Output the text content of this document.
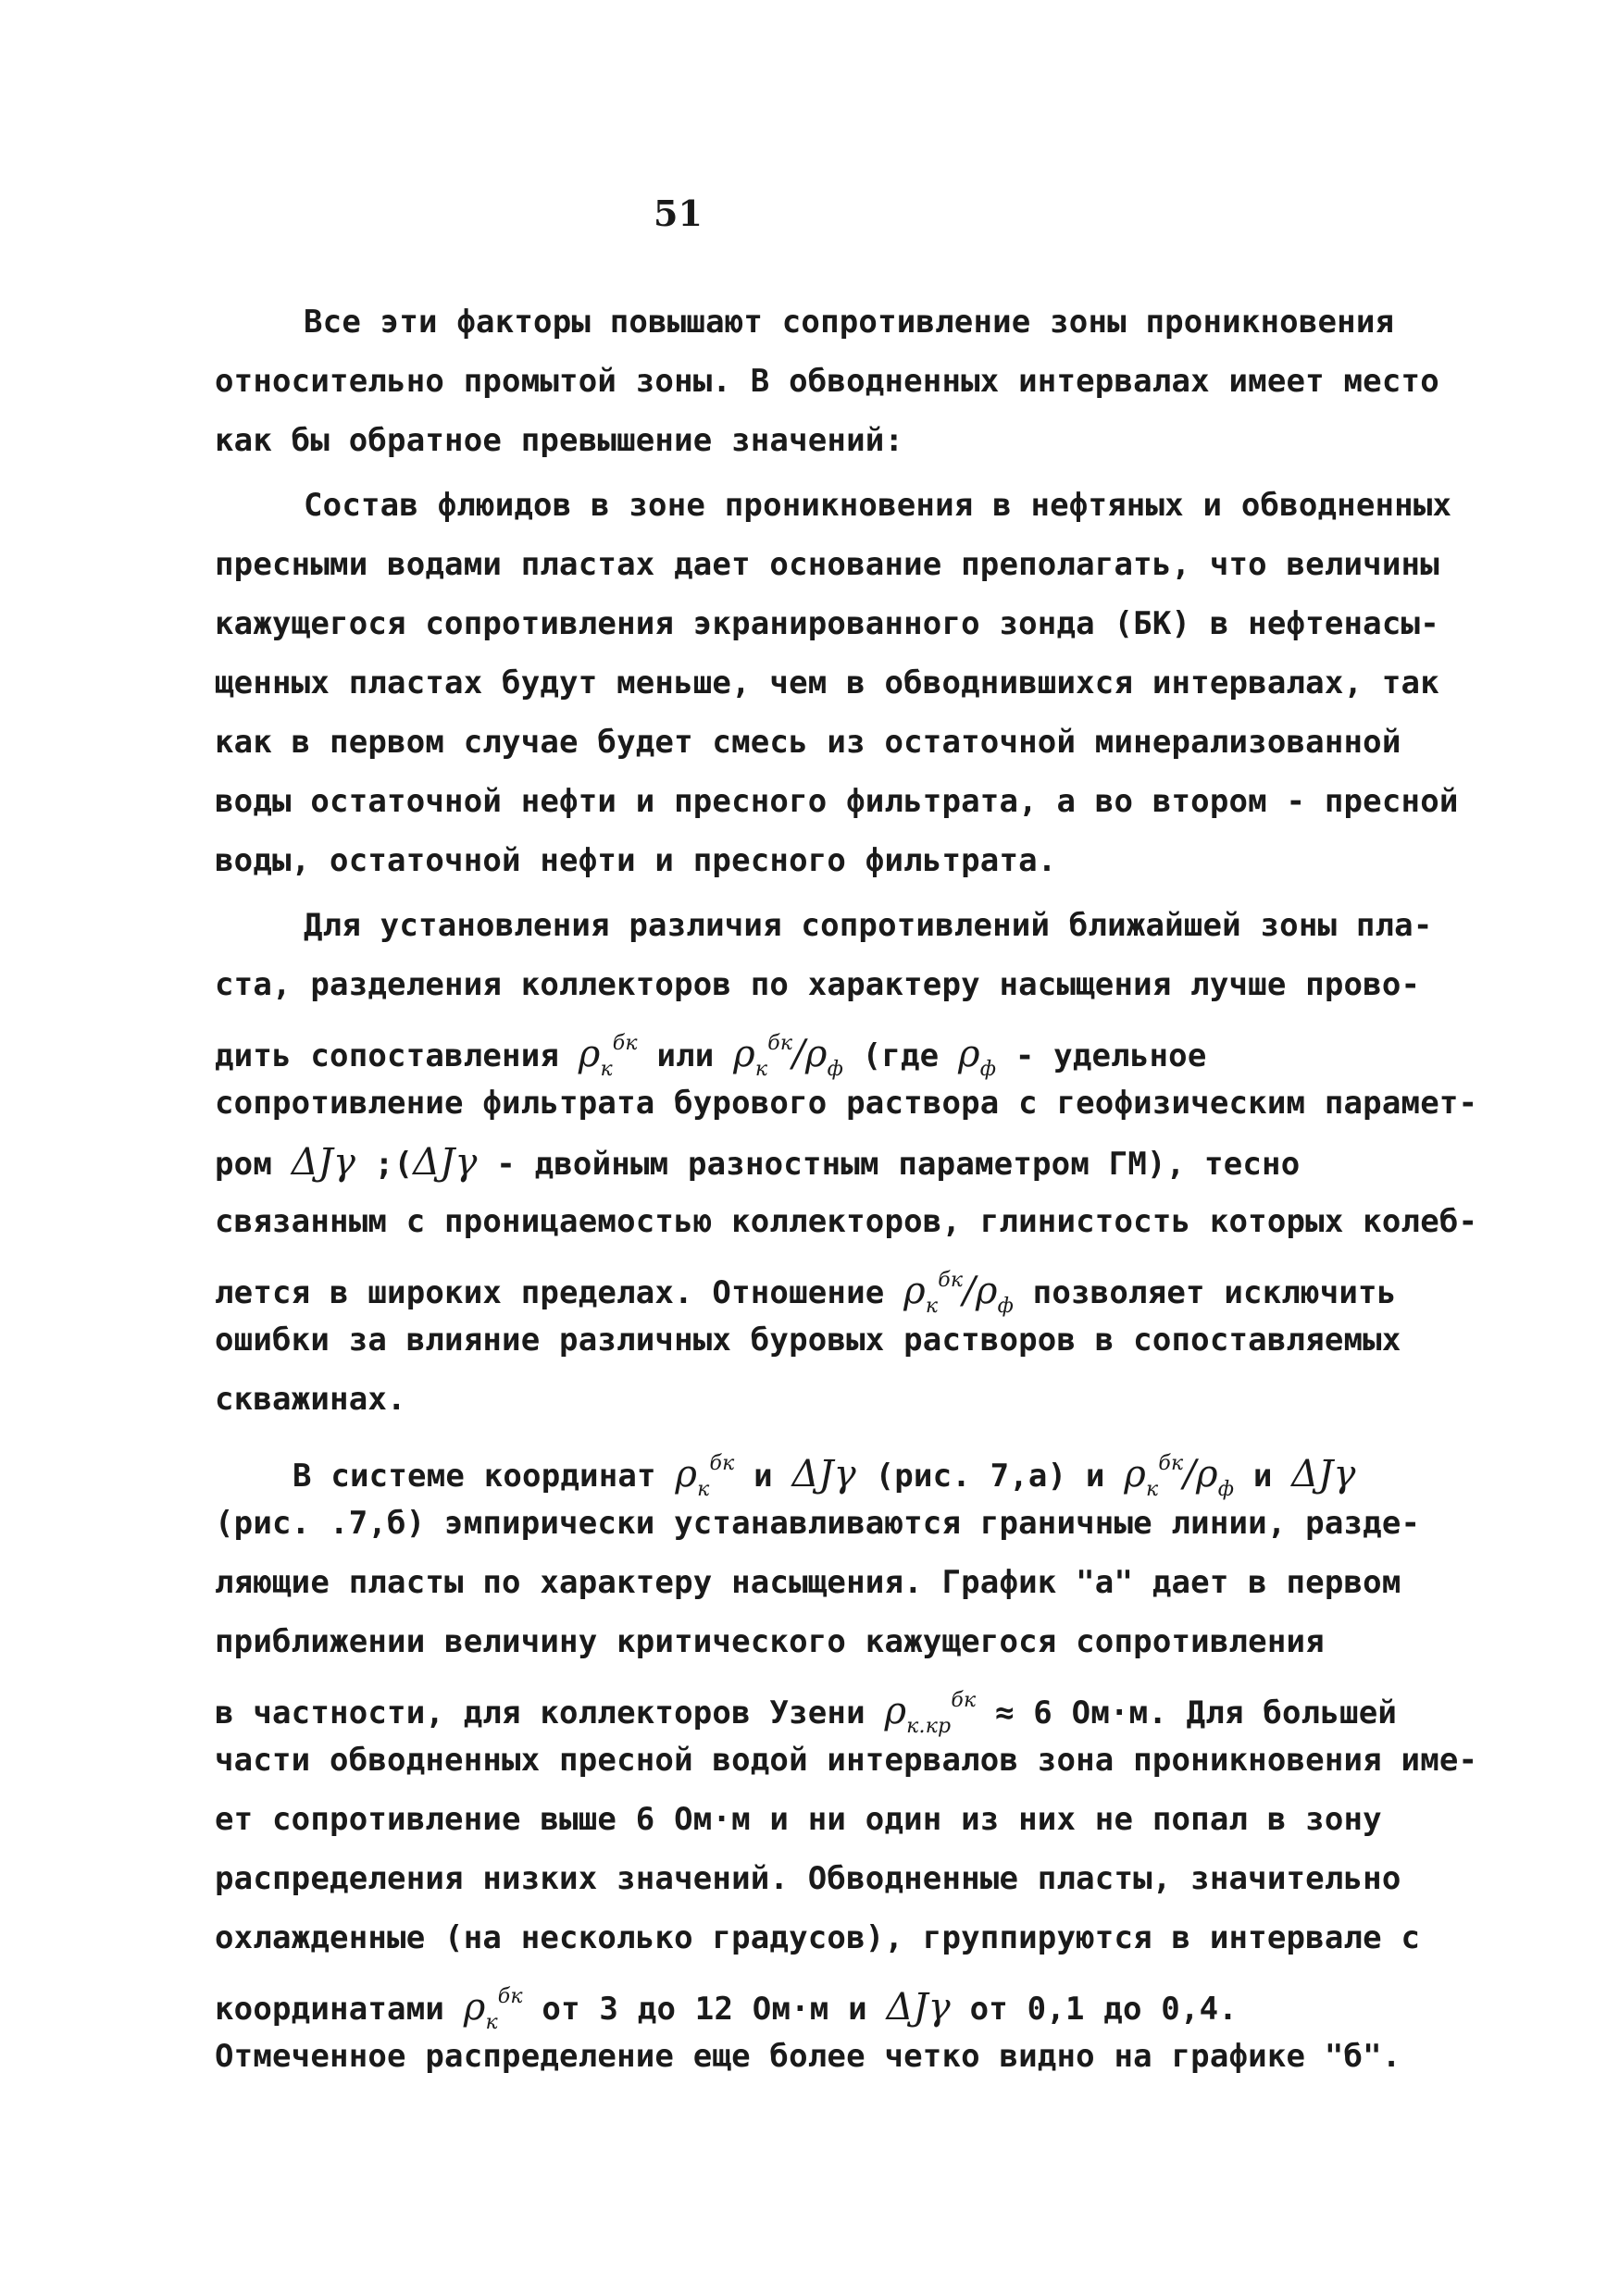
51
Все эти факторы повышают сопротивление зоны проникновения
относительно промытой зоны. В обводненных интервалах имеет место
как бы обратное превышение значений:
Состав флюидов в зоне проникновения в нефтяных и обводненных
пресными водами пластах дает основание преполагать, что величины
кажущегося сопротивления экранированного зонда (БК) в нефтенасы-
щенных пластах будут меньше, чем в обводнившихся интервалах, так
как в первом случае будет смесь из остаточной минерализованной
воды остаточной нефти и пресного фильтрата, а во втором - пресной
воды, остаточной нефти и пресного фильтрата.
Для установления различия сопротивлений ближайшей зоны пла-
ста, разделения коллекторов по характеру насыщения лучше прово-
дить сопоставления $\rho_к^{бк}$ или $\rho_к^{бк}/\rho_ф$ (где $\rho_ф$ - удельное
сопротивление фильтрата бурового раствора с геофизическим парамет-
ром ΔJγ ;(ΔJγ - двойным разностным параметром ГМ), тесно
связанным с проницаемостью коллекторов, глинистость которых колеб-
лется в широких пределах. Отношение $\rho_к^{бк}/\rho_ф$ позволяет исключить
ошибки за влияние различных буровых растворов в сопоставляемых
скважинах.
В системе координат $\rho_к^{бк}$ и ΔJγ (рис. 7,а) и $\rho_к^{бк}/\rho_ф$ и ΔJγ
(рис. .7,б) эмпирически устанавливаются граничные линии, разде-
ляющие пласты по характеру насыщения. График "а" дает в первом
приближении величину критического кажущегося сопротивления
в частности, для коллекторов Узени $\rho_{к.кр}^{бк} \approx 6$ Ом·м. Для большей
части обводненных пресной водой интервалов зона проникновения име-
ет сопротивление выше 6 Ом·м и ни один из них не попал в зону
распределения низких значений. Обводненные пласты, значительно
охлажденные (на несколько градусов), группируются в интервале с
координатами $\rho_к^{бк}$ от 3 до 12 Ом·м и ΔJγ от 0,1 до 0,4.
Отмеченное распределение еще более четко видно на графике "б".
